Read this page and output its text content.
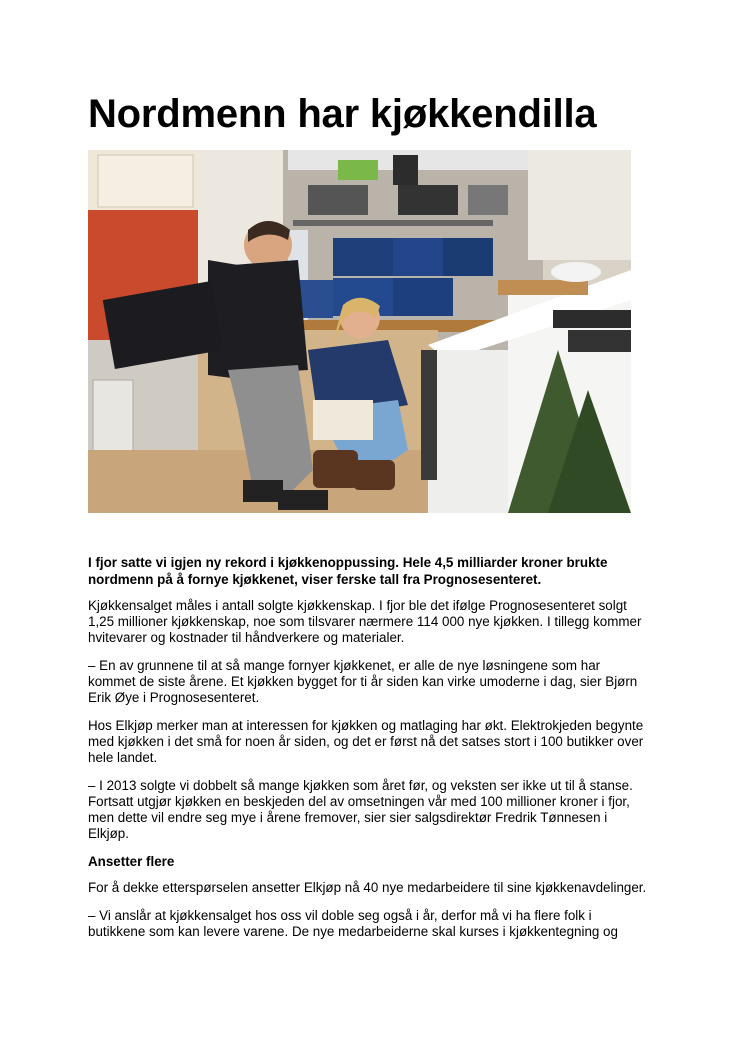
Nordmenn har kjøkkendilla

I fjor satte vi igjen ny rekord i kjøkkenoppussing. Hele 4,5 milliarder kroner brukte nordmenn på å fornye kjøkkenet, viser ferske tall fra Prognosesenteret.

Kjøkkensalget måles i antall solgte kjøkkenskap. I fjor ble det ifølge Prognosesenteret solgt 1,25 millioner kjøkkenskap, noe som tilsvarer nærmere 114 000 nye kjøkken. I tillegg kommer hvitevarer og kostnader til håndverkere og materialer.

– En av grunnene til at så mange fornyer kjøkkenet, er alle de nye løsningene som har kommet de siste årene. Et kjøkken bygget for ti år siden kan virke umoderne i dag, sier Bjørn Erik Øye i Prognosesenteret.

Hos Elkjøp merker man at interessen for kjøkken og matlaging har økt. Elektrokjeden begynte med kjøkken i det små for noen år siden, og det er først nå det satses stort i 100 butikker over hele landet.

– I 2013 solgte vi dobbelt så mange kjøkken som året før, og veksten ser ikke ut til å stanse. Fortsatt utgjør kjøkken en beskjeden del av omsetningen vår med 100 millioner kroner i fjor, men dette vil endre seg mye i årene fremover, sier sier salgsdirektør Fredrik Tønnesen i Elkjøp.

Ansetter flere

For å dekke etterspørselen ansetter Elkjøp nå 40 nye medarbeidere til sine kjøkkenavdelinger.

– Vi anslår at kjøkkensalget hos oss vil doble seg også i år, derfor må vi ha flere folk i butikkene som kan levere varene. De nye medarbeiderne skal kurses i kjøkkentegning og
